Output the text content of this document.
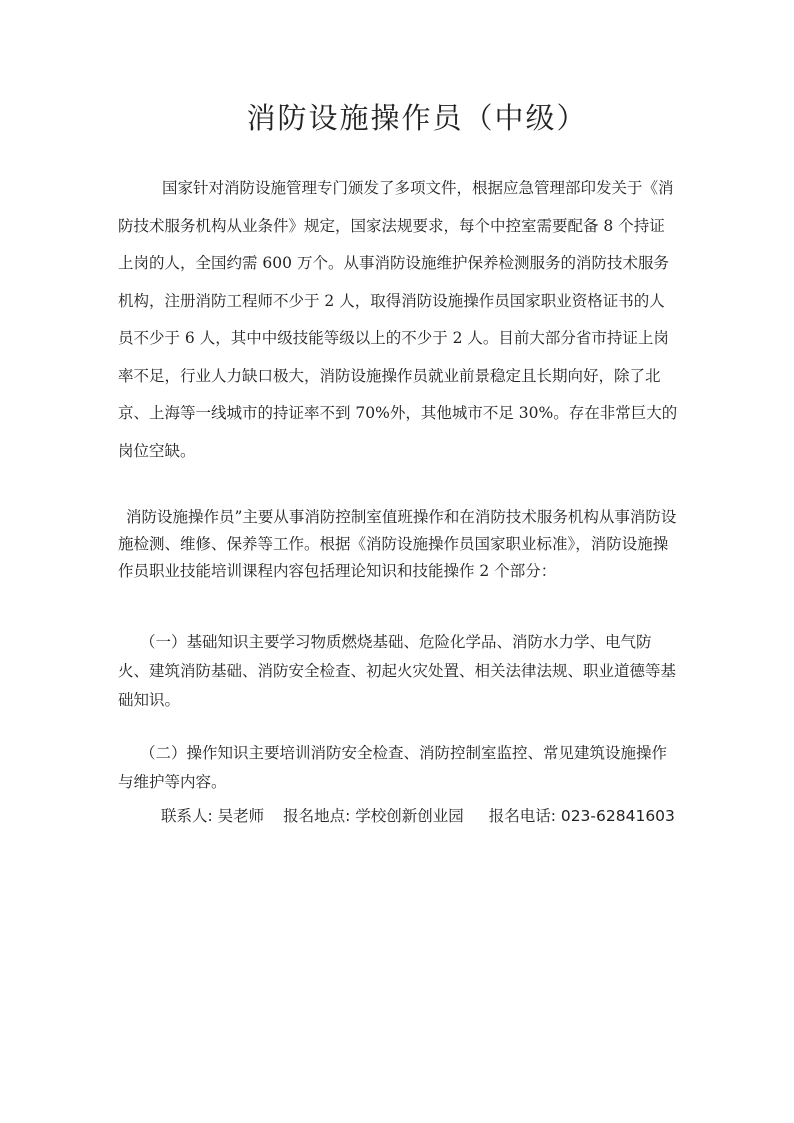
消防设施操作员（中级）

国家针对消防设施管理专门颁发了多项文件，根据应急管理部印发关于《消防技术服务机构从业条件》规定，国家法规要求，每个中控室需要配备 8 个持证上岗的人，全国约需 600 万个。从事消防设施维护保养检测服务的消防技术服务机构，注册消防工程师不少于 2 人，取得消防设施操作员国家职业资格证书的人员不少于 6 人，其中中级技能等级以上的不少于 2 人。目前大部分省市持证上岗率不足，行业人力缺口极大，消防设施操作员就业前景稳定且长期向好，除了北京、上海等一线城市的持证率不到 70%外，其他城市不足 30%。存在非常巨大的岗位空缺。

消防设施操作员”主要从事消防控制室值班操作和在消防技术服务机构从事消防设施检测、维修、保养等工作。根据《消防设施操作员国家职业标准》，消防设施操作员职业技能培训课程内容包括理论知识和技能操作 2 个部分：

（一）基础知识主要学习物质燃烧基础、危险化学品、消防水力学、电气防火、建筑消防基础、消防安全检查、初起火灾处置、相关法律法规、职业道德等基础知识。

（二）操作知识主要培训消防安全检查、消防控制室监控、常见建筑设施操作与维护等内容。

联系人: 吴老师 报名地点: 学校创新创业园 报名电话: 023-62841603
